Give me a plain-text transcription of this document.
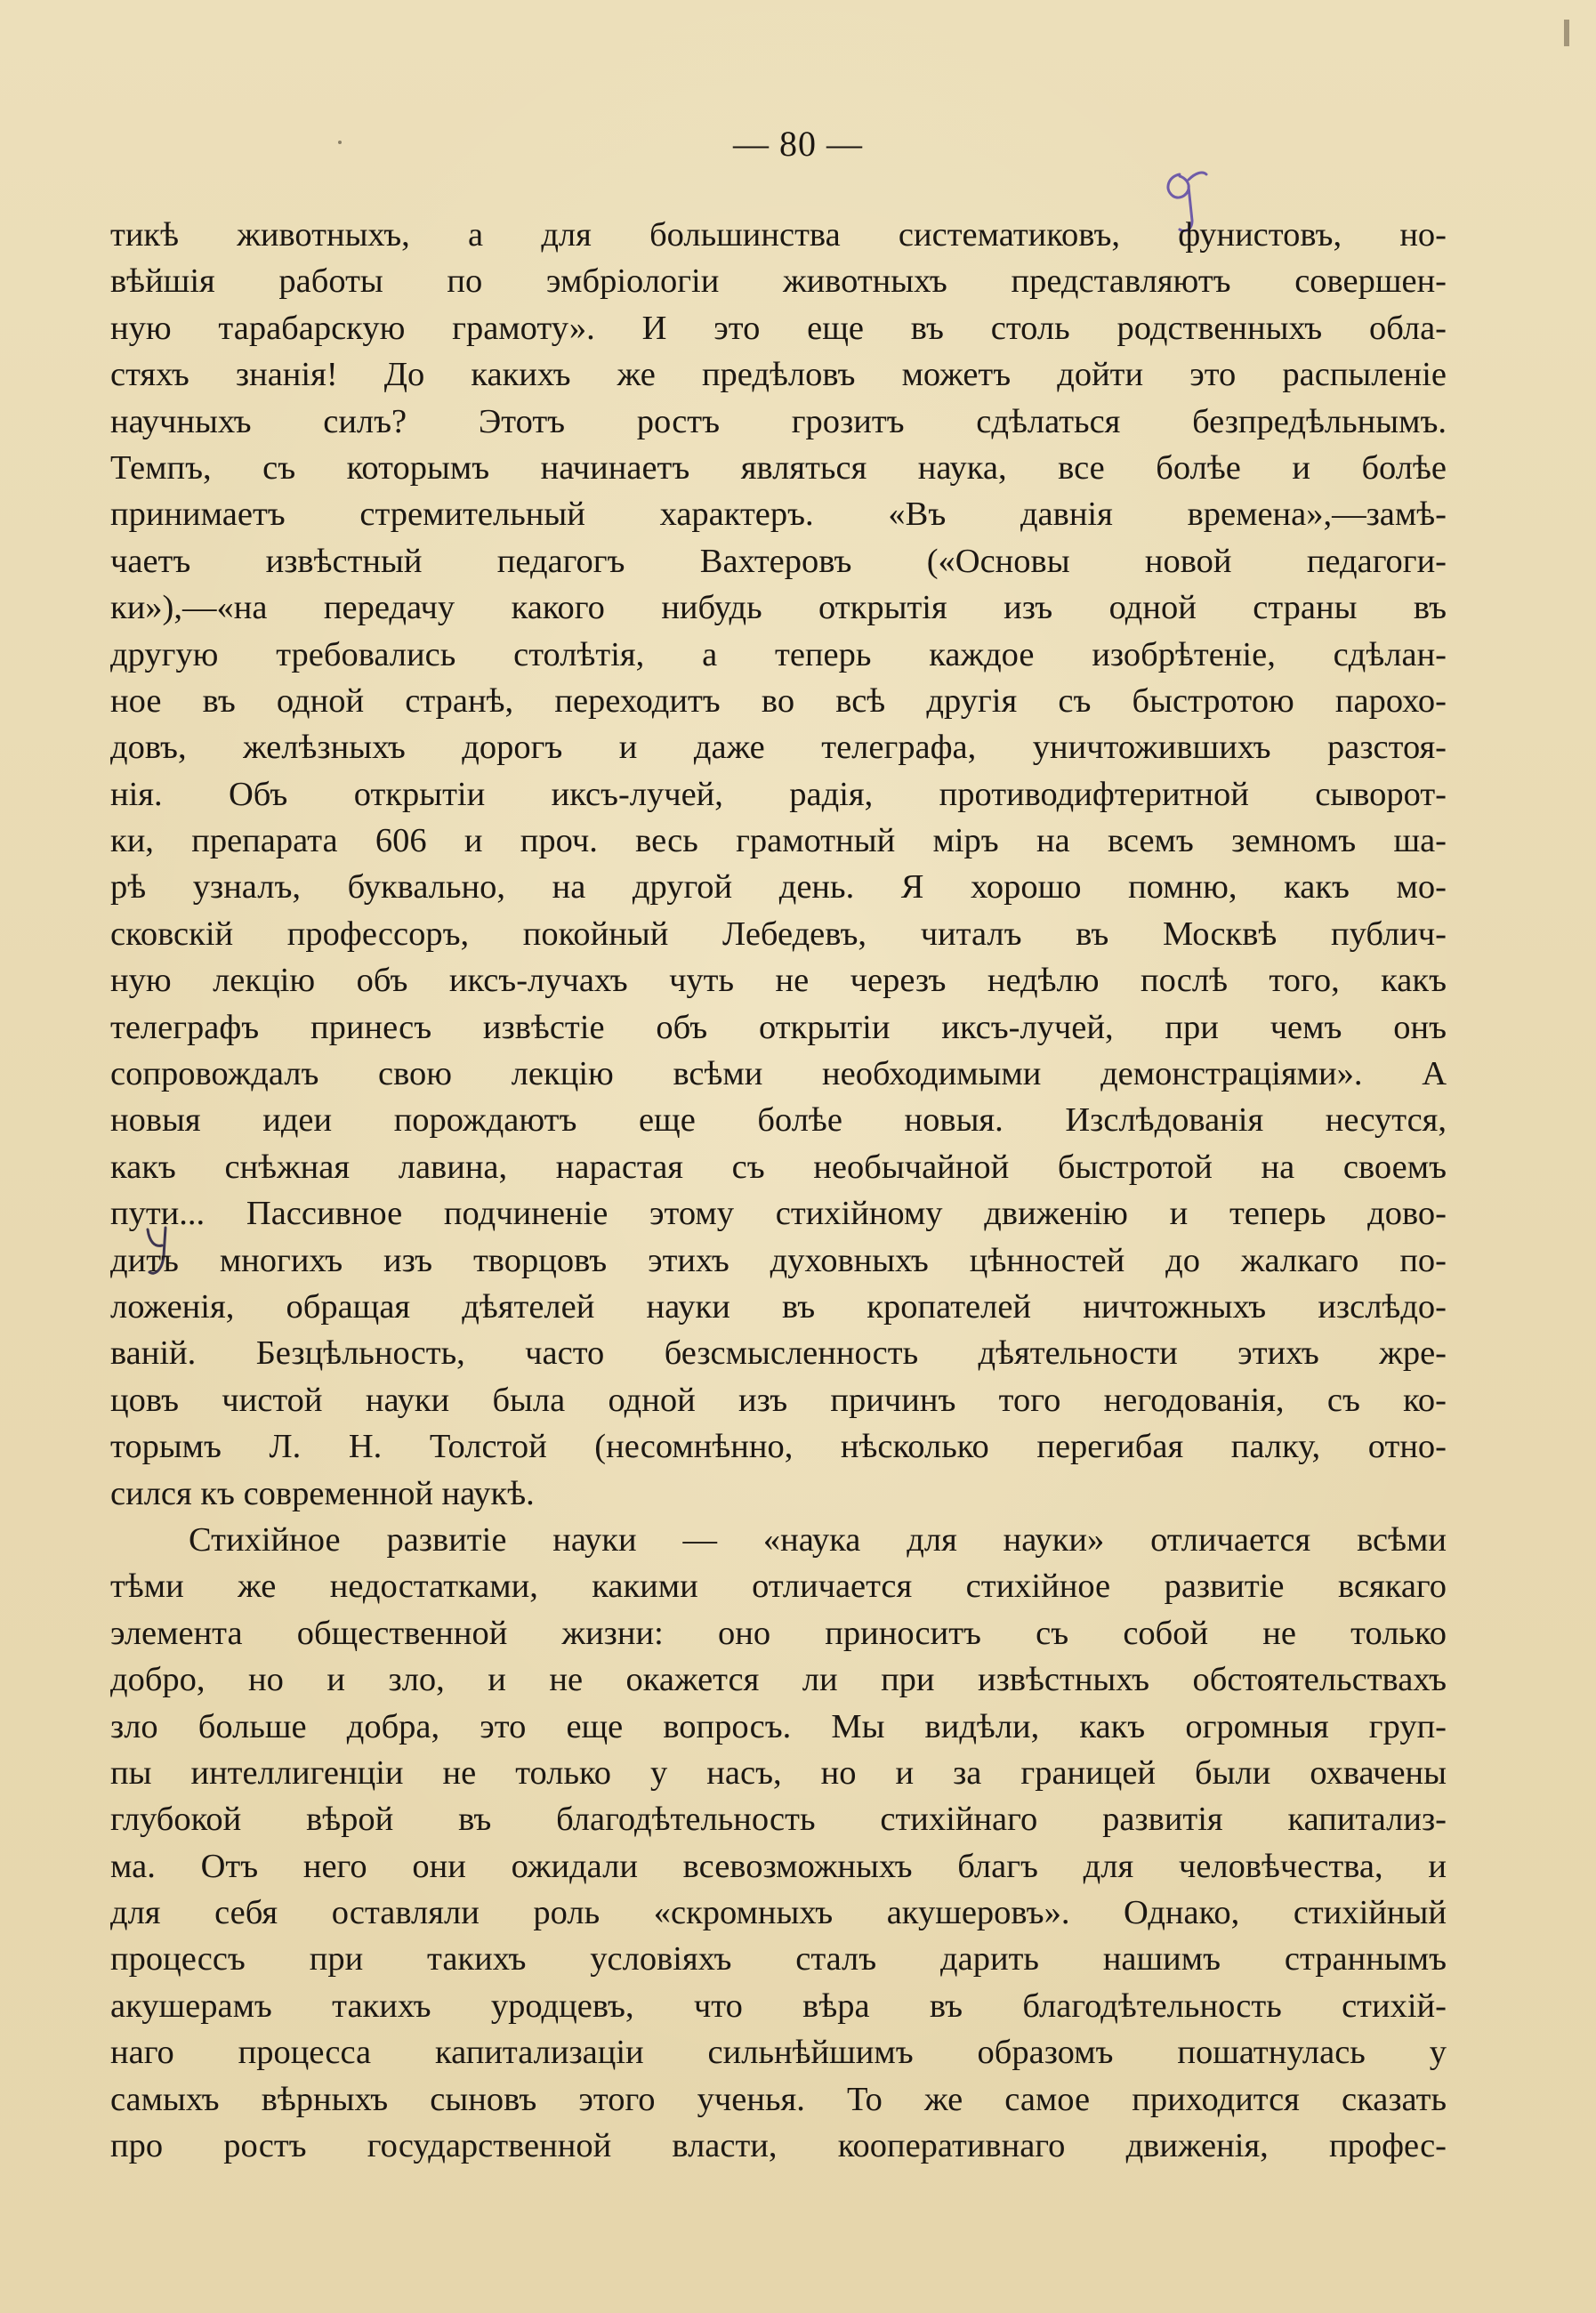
— 80 —
тикѣ животныхъ, а для большинства систематиковъ, фунистовъ, но-
вѣйшія работы по эмбріологіи животныхъ представляютъ совершен-
ную тарабарскую грамоту». И это еще въ столь родственныхъ обла-
стяхъ знанія! До какихъ же предѣловъ можетъ дойти это распыленіе
научныхъ силъ? Этотъ ростъ грозитъ сдѣлаться безпредѣльнымъ.
Темпъ, съ которымъ начинаетъ являться наука, все болѣе и болѣе
принимаетъ стремительный характеръ. «Въ давнія времена»,—замѣ-
чаетъ извѣстный педагогъ Вахтеровъ («Основы новой педагоги-
ки»),—«на передачу какого нибудь открытія изъ одной страны въ
другую требовались столѣтія, а теперь каждое изобрѣтеніе, сдѣлан-
ное въ одной странѣ, переходитъ во всѣ другія съ быстротою парохо-
довъ, желѣзныхъ дорогъ и даже телеграфа, уничтожившихъ разстоя-
нія. Объ открытіи иксъ-лучей, радія, противодифтеритной сыворот-
ки, препарата 606 и проч. весь грамотный міръ на всемъ земномъ ша-
рѣ узналъ, буквально, на другой день. Я хорошо помню, какъ мо-
сковскій профессоръ, покойный Лебедевъ, читалъ въ Москвѣ публич-
ную лекцію объ иксъ-лучахъ чуть не черезъ недѣлю послѣ того, какъ
телеграфъ принесъ извѣстіе объ открытіи иксъ-лучей, при чемъ онъ
сопровождалъ свою лекцію всѣми необходимыми демонстраціями». А
новыя идеи порождаютъ еще болѣе новыя. Изслѣдованія несутся,
какъ снѣжная лавина, нарастая съ необычайной быстротой на своемъ
пути... Пассивное подчиненіе этому стихійному движенію и теперь дово-
дитъ многихъ изъ творцовъ этихъ духовныхъ цѣнностей до жалкаго по-
ложенія, обращая дѣятелей науки въ кропателей ничтожныхъ изслѣдо-
ваній. Безцѣльность, часто безсмысленность дѣятельности этихъ жре-
цовъ чистой науки была одной изъ причинъ того негодованія, съ ко-
торымъ Л. Н. Толстой (несомнѣнно, нѣсколько перегибая палку, отно-
сился къ современной наукѣ.
Стихійное развитіе науки — «наука для науки» отличается всѣми
тѣми же недостатками, какими отличается стихійное развитіе всякаго
элемента общественной жизни: оно приноситъ съ собой не только
добро, но и зло, и не окажется ли при извѣстныхъ обстоятельствахъ
зло больше добра, это еще вопросъ. Мы видѣли, какъ огромныя груп-
пы интеллигенціи не только у насъ, но и за границей были охвачены
глубокой вѣрой въ благодѣтельность стихійнаго развитія капитализ-
ма. Отъ него они ожидали всевозможныхъ благъ для человѣчества, и
для себя оставляли роль «скромныхъ акушеровъ». Однако, стихійный
процессъ при такихъ условіяхъ сталъ дарить нашимъ страннымъ
акушерамъ такихъ уродцевъ, что вѣра въ благодѣтельность стихій-
наго процесса капитализаціи сильнѣйшимъ образомъ пошатнулась у
самыхъ вѣрныхъ сыновъ этого ученья. То же самое приходится сказать
про ростъ государственной власти, кооперативнаго движенія, профес-
